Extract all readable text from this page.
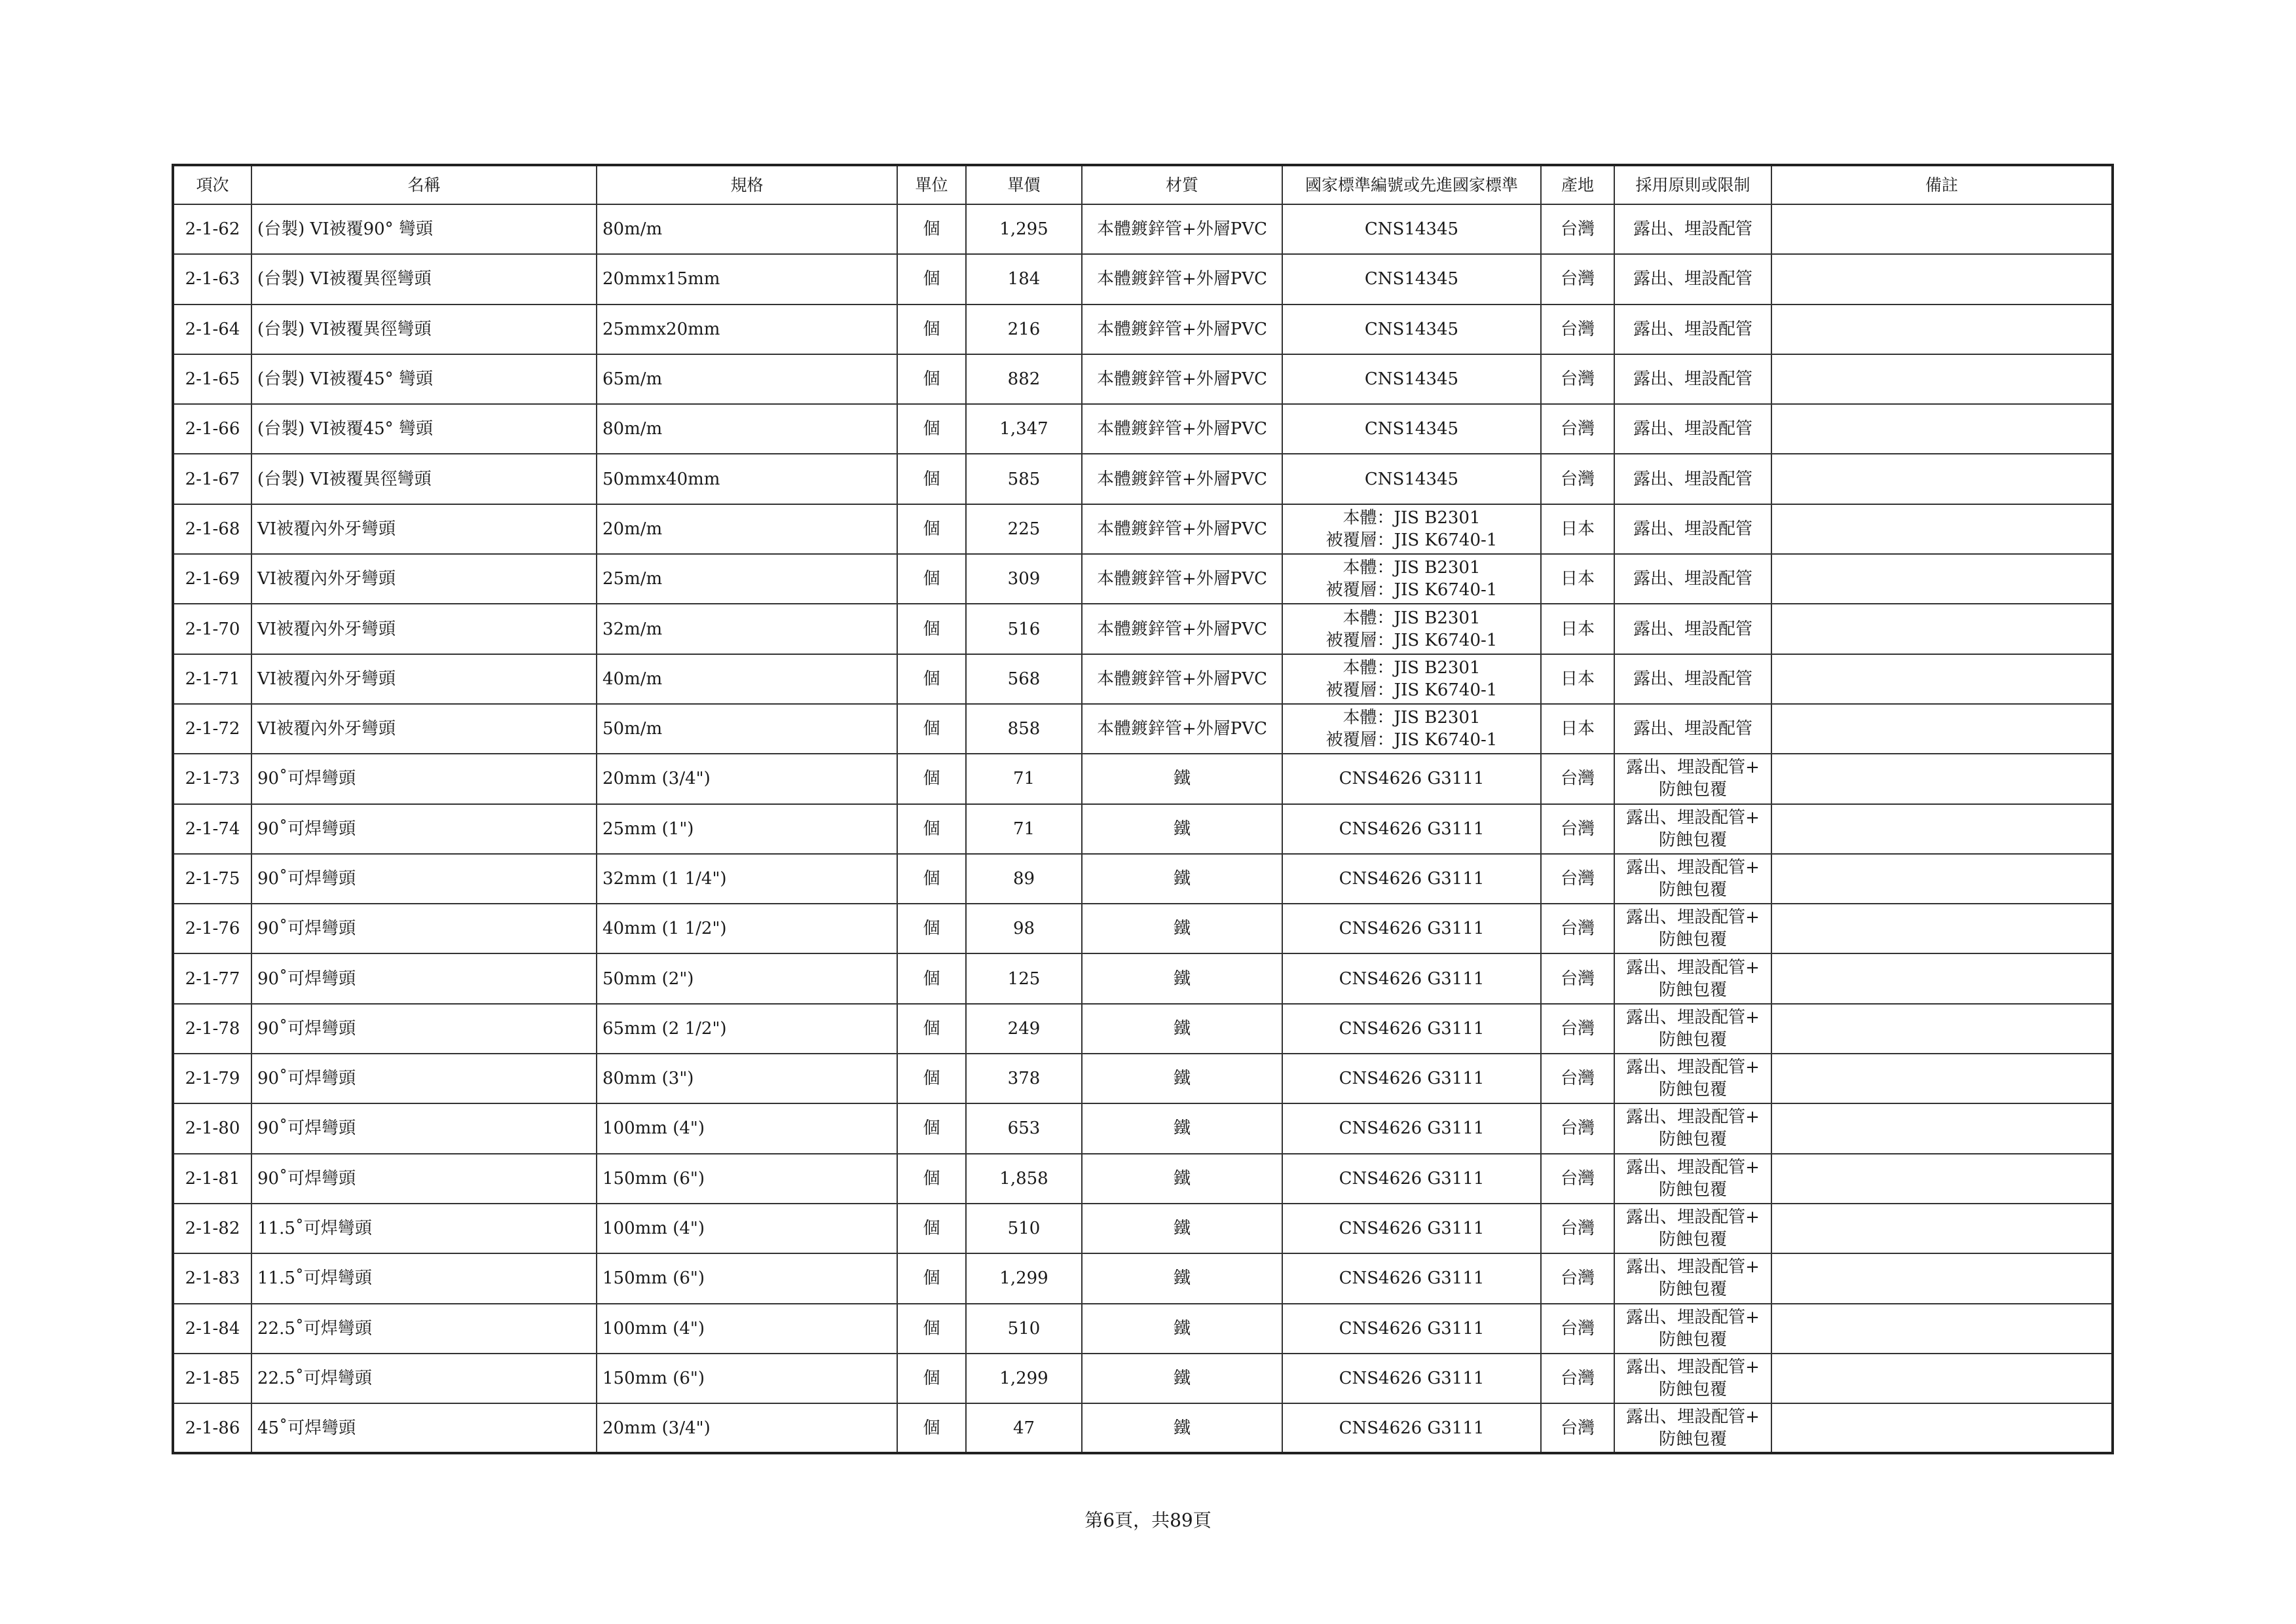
項次	名稱	規格	單位	單價	材質	國家標準編號或先進國家標準	產地	採用原則或限制	備註
2-1-62	(台製) VI被覆90° 彎頭	80m/m	個	1,295	本體鍍鋅管+外層PVC	CNS14345	台灣	露出、埋設配管	

2-1-63	(台製) VI被覆異徑彎頭	20mmx15mm	個	184	本體鍍鋅管+外層PVC	CNS14345	台灣	露出、埋設配管	

2-1-64	(台製) VI被覆異徑彎頭	25mmx20mm	個	216	本體鍍鋅管+外層PVC	CNS14345	台灣	露出、埋設配管	

2-1-65	(台製) VI被覆45° 彎頭	65m/m	個	882	本體鍍鋅管+外層PVC	CNS14345	台灣	露出、埋設配管	

2-1-66	(台製) VI被覆45° 彎頭	80m/m	個	1,347	本體鍍鋅管+外層PVC	CNS14345	台灣	露出、埋設配管	

2-1-67	(台製) VI被覆異徑彎頭	50mmx40mm	個	585	本體鍍鋅管+外層PVC	CNS14345	台灣	露出、埋設配管	

2-1-68	VI被覆內外牙彎頭	20m/m	個	225	本體鍍鋅管+外層PVC	本體：JIS B2301
被覆層：JIS K6740-1	日本	露出、埋設配管	

2-1-69	VI被覆內外牙彎頭	25m/m	個	309	本體鍍鋅管+外層PVC	本體：JIS B2301
被覆層：JIS K6740-1	日本	露出、埋設配管	

2-1-70	VI被覆內外牙彎頭	32m/m	個	516	本體鍍鋅管+外層PVC	本體：JIS B2301
被覆層：JIS K6740-1	日本	露出、埋設配管	

2-1-71	VI被覆內外牙彎頭	40m/m	個	568	本體鍍鋅管+外層PVC	本體：JIS B2301
被覆層：JIS K6740-1	日本	露出、埋設配管	

2-1-72	VI被覆內外牙彎頭	50m/m	個	858	本體鍍鋅管+外層PVC	本體：JIS B2301
被覆層：JIS K6740-1	日本	露出、埋設配管	

2-1-73	90˚可焊彎頭	20mm (3/4")	個	71	鐵	CNS4626 G3111	台灣	露出、埋設配管+
防蝕包覆	

2-1-74	90˚可焊彎頭	25mm (1")	個	71	鐵	CNS4626 G3111	台灣	露出、埋設配管+
防蝕包覆	

2-1-75	90˚可焊彎頭	32mm (1 1/4")	個	89	鐵	CNS4626 G3111	台灣	露出、埋設配管+
防蝕包覆	

2-1-76	90˚可焊彎頭	40mm (1 1/2")	個	98	鐵	CNS4626 G3111	台灣	露出、埋設配管+
防蝕包覆	

2-1-77	90˚可焊彎頭	50mm (2")	個	125	鐵	CNS4626 G3111	台灣	露出、埋設配管+
防蝕包覆	

2-1-78	90˚可焊彎頭	65mm (2 1/2")	個	249	鐵	CNS4626 G3111	台灣	露出、埋設配管+
防蝕包覆	

2-1-79	90˚可焊彎頭	80mm (3")	個	378	鐵	CNS4626 G3111	台灣	露出、埋設配管+
防蝕包覆	

2-1-80	90˚可焊彎頭	100mm (4")	個	653	鐵	CNS4626 G3111	台灣	露出、埋設配管+
防蝕包覆	

2-1-81	90˚可焊彎頭	150mm (6")	個	1,858	鐵	CNS4626 G3111	台灣	露出、埋設配管+
防蝕包覆	

2-1-82	11.5˚可焊彎頭	100mm (4")	個	510	鐵	CNS4626 G3111	台灣	露出、埋設配管+
防蝕包覆	

2-1-83	11.5˚可焊彎頭	150mm (6")	個	1,299	鐵	CNS4626 G3111	台灣	露出、埋設配管+
防蝕包覆	

2-1-84	22.5˚可焊彎頭	100mm (4")	個	510	鐵	CNS4626 G3111	台灣	露出、埋設配管+
防蝕包覆	

2-1-85	22.5˚可焊彎頭	150mm (6")	個	1,299	鐵	CNS4626 G3111	台灣	露出、埋設配管+
防蝕包覆	

2-1-86	45˚可焊彎頭	20mm (3/4")	個	47	鐵	CNS4626 G3111	台灣	露出、埋設配管+
防蝕包覆	

第6頁，共89頁
